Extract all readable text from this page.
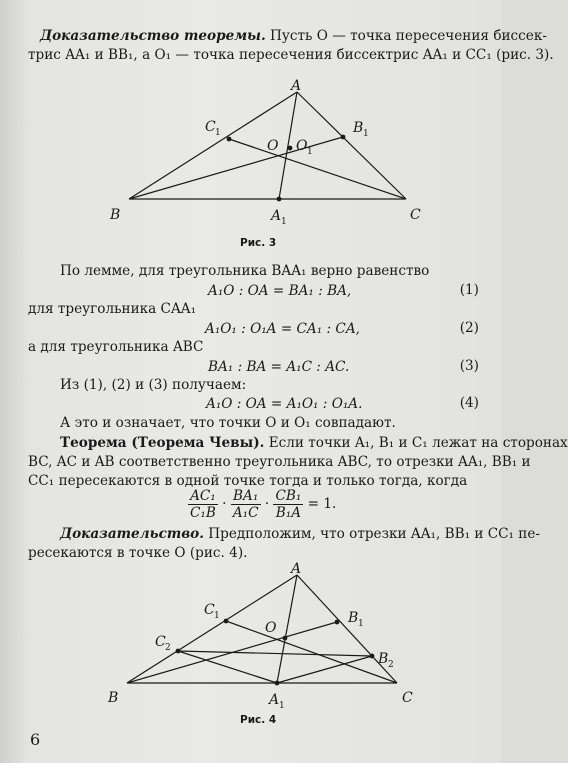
Доказательство теоремы. Пусть O — точка пересечения биссек-
трис AA₁ и BB₁, а O₁ — точка пересечения биссектрис AA₁ и CC₁ (рис. 3).
A
B	C
C 1	B 1
A 1
O O 1
Рис. 3
По лемме, для треугольника BAA₁ верно равенство
A₁O : OA = BA₁ : BA,	(1)
для треугольника CAA₁
A₁O₁ : O₁A = CA₁ : CA,	(2)
а для треугольника ABC
BA₁ : BA = A₁C : AC.	(3)
Из (1), (2) и (3) получаем:
A₁O : OA = A₁O₁ : O₁A.	(4)
А это и означает, что точки O и O₁ совпадают.
Теорема (Теорема Чевы). Если точки A₁, B₁ и C₁ лежат на сторонах
BC, AC и AB соответственно треугольника ABC, то отрезки AA₁, BB₁ и
CC₁ пересекаются в одной точке тогда и только тогда, когда
$\frac{\text{AC₁}}{\text{C₁B}} \cdot \frac{\text{BA₁}}{\text{A₁C}} \cdot \frac{\text{CB₁}}{\text{B₁A}} = 1$.
Доказательство. Предположим, что отрезки AA₁, BB₁ и CC₁ пе-
ресекаются в точке O (рис. 4).
A
B	C
C 1
C 2
B 1
B 2
A 1
O
Рис. 4
6
